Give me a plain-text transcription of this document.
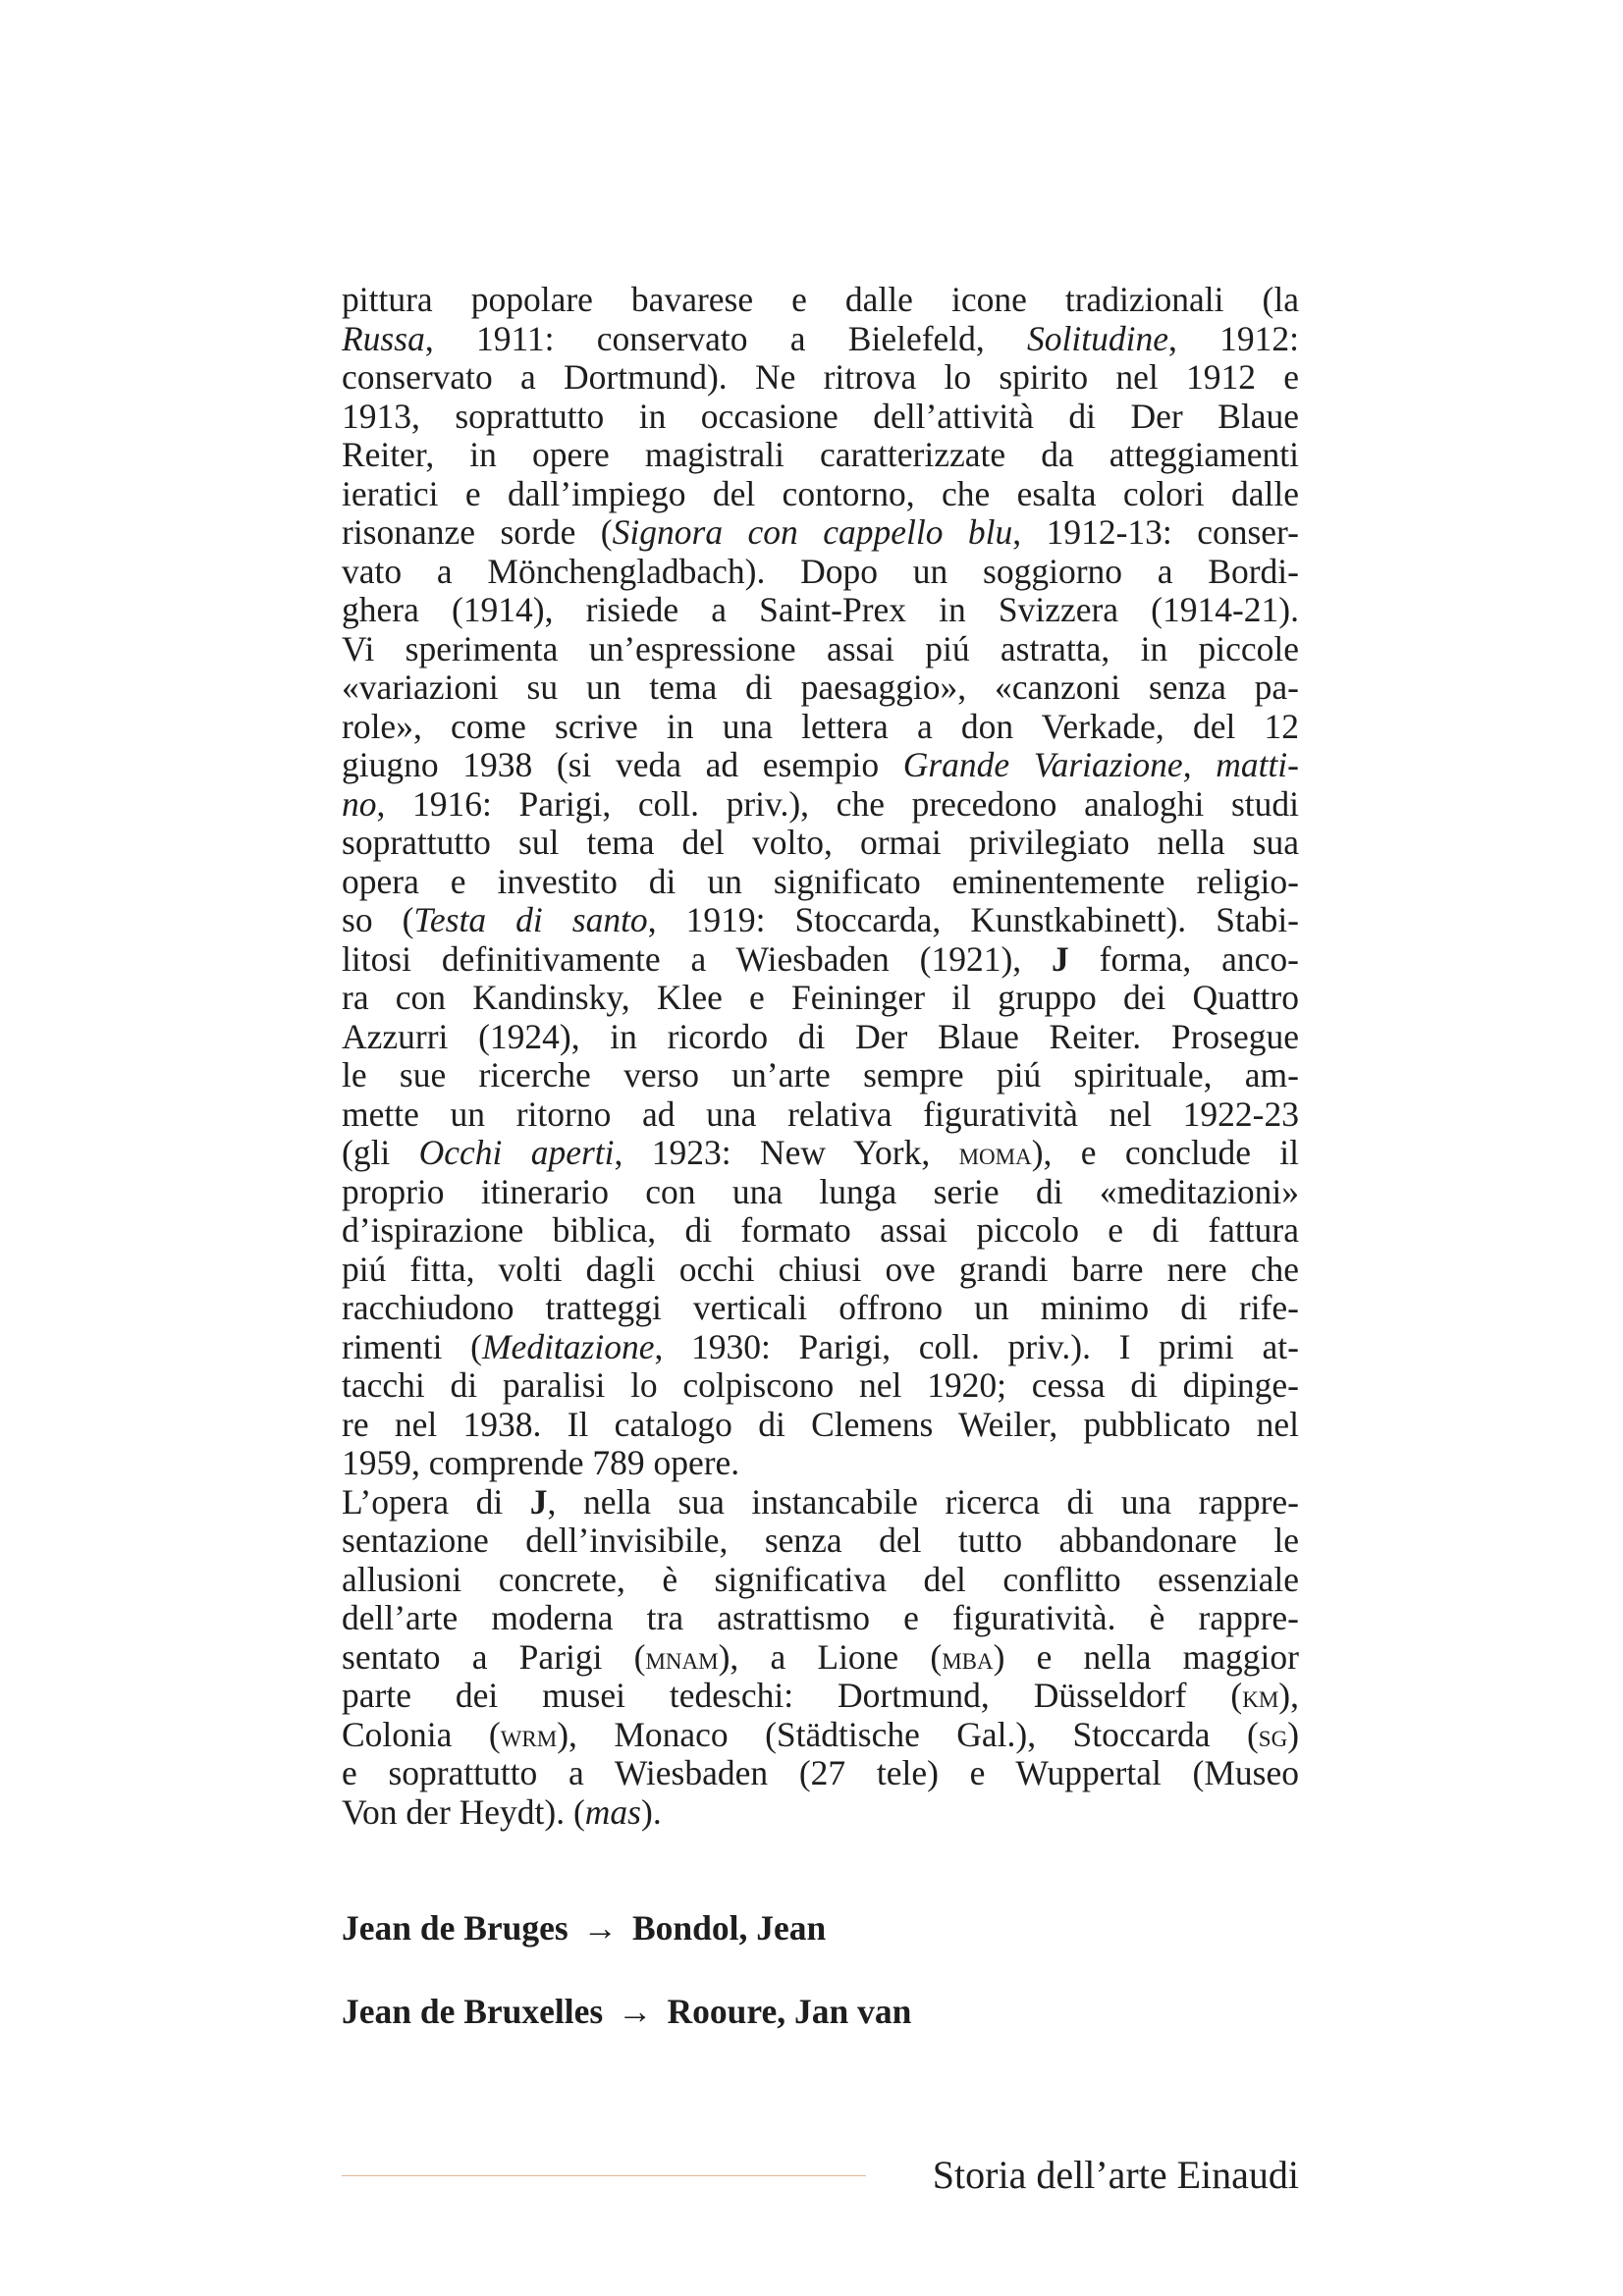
pittura popolare bavarese e dalle icone tradizionali (la
Russa, 1911: conservato a Bielefeld, Solitudine, 1912:
conservato a Dortmund). Ne ritrova lo spirito nel 1912 e
1913, soprattutto in occasione dell’attività di Der Blaue
Reiter, in opere magistrali caratterizzate da atteggiamenti
ieratici e dall’impiego del contorno, che esalta colori dalle
risonanze sorde (Signora con cappello blu, 1912-13: conser-
vato a Mönchengladbach). Dopo un soggiorno a Bordi-
ghera (1914), risiede a Saint-Prex in Svizzera (1914-21).
Vi sperimenta un’espressione assai piú astratta, in piccole
«variazioni su un tema di paesaggio», «canzoni senza pa-
role», come scrive in una lettera a don Verkade, del 12
giugno 1938 (si veda ad esempio Grande Variazione, matti-
no, 1916: Parigi, coll. priv.), che precedono analoghi studi
soprattutto sul tema del volto, ormai privilegiato nella sua
opera e investito di un significato eminentemente religio-
so (Testa di santo, 1919: Stoccarda, Kunstkabinett). Stabi-
litosi definitivamente a Wiesbaden (1921), J forma, anco-
ra con Kandinsky, Klee e Feininger il gruppo dei Quattro
Azzurri (1924), in ricordo di Der Blaue Reiter. Prosegue
le sue ricerche verso un’arte sempre piú spirituale, am-
mette un ritorno ad una relativa figuratività nel 1922-23
(gli Occhi aperti, 1923: New York, moma), e conclude il
proprio itinerario con una lunga serie di «meditazioni»
d’ispirazione biblica, di formato assai piccolo e di fattura
piú fitta, volti dagli occhi chiusi ove grandi barre nere che
racchiudono tratteggi verticali offrono un minimo di rife-
rimenti (Meditazione, 1930: Parigi, coll. priv.). I primi at-
tacchi di paralisi lo colpiscono nel 1920; cessa di dipinge-
re nel 1938. Il catalogo di Clemens Weiler, pubblicato nel
1959, comprende 789 opere.
L’opera di J, nella sua instancabile ricerca di una rappre-
sentazione dell’invisibile, senza del tutto abbandonare le
allusioni concrete, è significativa del conflitto essenziale
dell’arte moderna tra astrattismo e figuratività. è rappre-
sentato a Parigi (mnam), a Lione (mba) e nella maggior
parte dei musei tedeschi: Dortmund, Düsseldorf (km),
Colonia (wrm), Monaco (Städtische Gal.), Stoccarda (sg)
e soprattutto a Wiesbaden (27 tele) e Wuppertal (Museo
Von der Heydt). (mas).
Jean de Bruges → Bondol, Jean
Jean de Bruxelles → Rooure, Jan van
Storia dell’arte Einaudi
